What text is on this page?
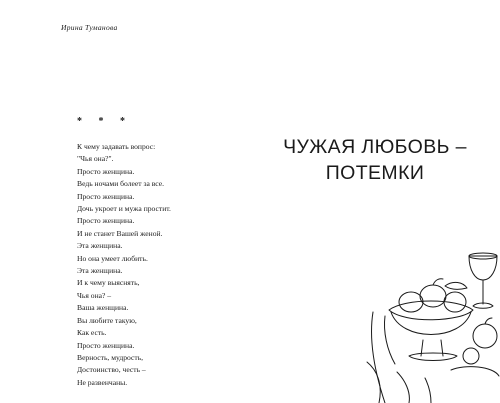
Ирина Туманова
* * *
К чему задавать вопрос:
"Чья она?".
Просто женщина.
Ведь ночами болеет за все.
Просто женщина.
Дочь укроет и мужа простит.
Просто женщина.
И не станет Вашей женой.
Эта женщина.
Но она умеет любить.
Эта женщина.
И к чему выяснять,
Чья она? –
Ваша женщина.
Вы любите такую,
Как есть.
Просто женщина.
Верность, мудрость,
Достоинство, честь –
Не развенчаны.
ЧУЖАЯ ЛЮБОВЬ –
ПОТЕМКИ
